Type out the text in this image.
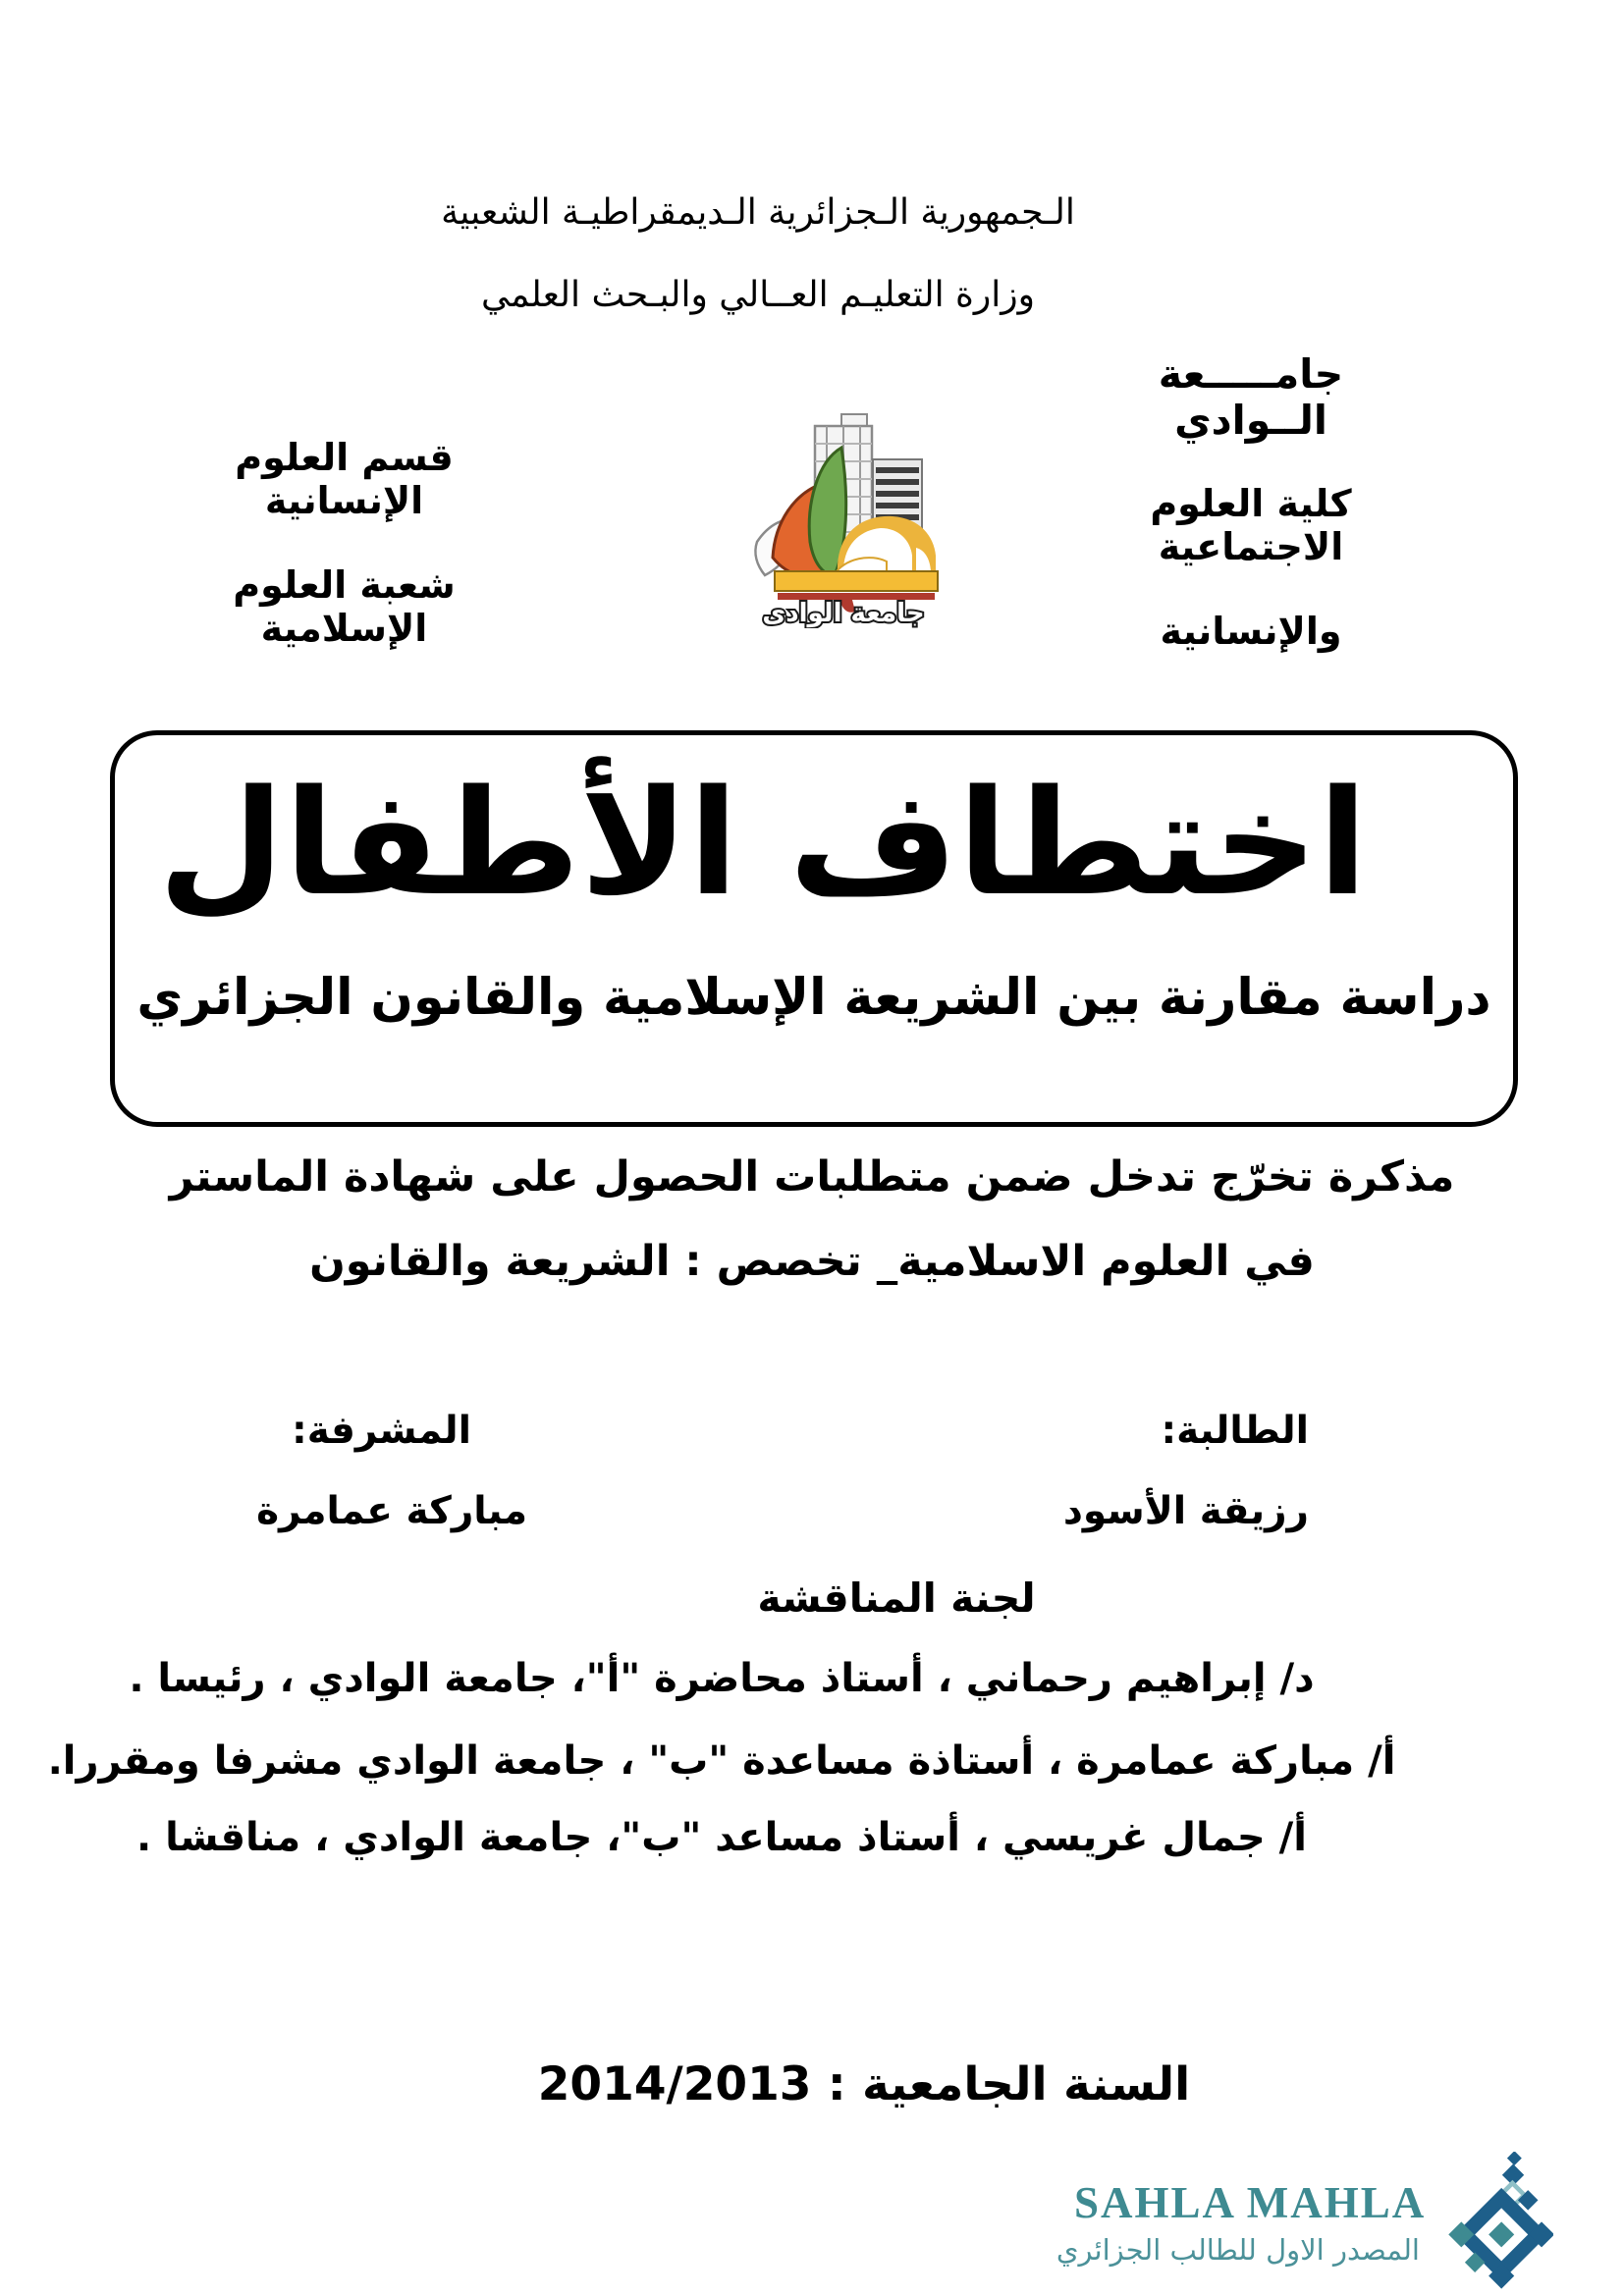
الـجمهورية الـجزائرية الـديمقراطيـة الشعبية
وزارة التعليـم العــالي والبـحث العلمي
جامـــــعة الــوادي
كلية العلوم الاجتماعية
والإنسانية
قسم العلوم الإنسانية
شعبة العلوم الإسلامية	جامعة الوادى
اختطاف الأطفال
دراسة مقارنة بين الشريعة الإسلامية والقانون الجزائري
مذكرة تخرّج تدخل ضمن متطلبات الحصول على شهادة الماستر
في العلوم الاسلامية_ تخصص : الشريعة والقانون
الطالبة:
رزيقة الأسود
المشرفة:
مباركة عمامرة
لجنة المناقشة
د/ إبراهيم رحماني ، أستاذ محاضرة "أ"، جامعة الوادي ، رئيسا .
أ/ مباركة عمامرة ، أستاذة مساعدة "ب" ، جامعة الوادي مشرفا ومقررا.
أ/ جمال غريسي ، أستاذ مساعد "ب"، جامعة الوادي ، مناقشا .
السنة الجامعية : 2014/2013
SAHLA MAHLA
المصدر الاول للطالب الجزائري
